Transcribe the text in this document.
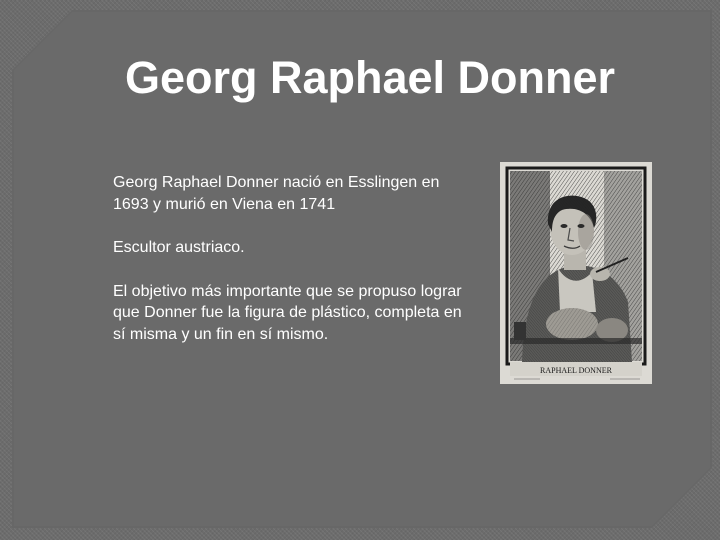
Georg Raphael Donner

Georg Raphael Donner nació en Esslingen en 1693 y murió en Viena en 1741

Escultor austriaco.

El objetivo más importante que se propuso lograr que Donner fue la figura de plástico, completa en sí misma y un fin en sí mismo.

RAPHAEL DONNER
